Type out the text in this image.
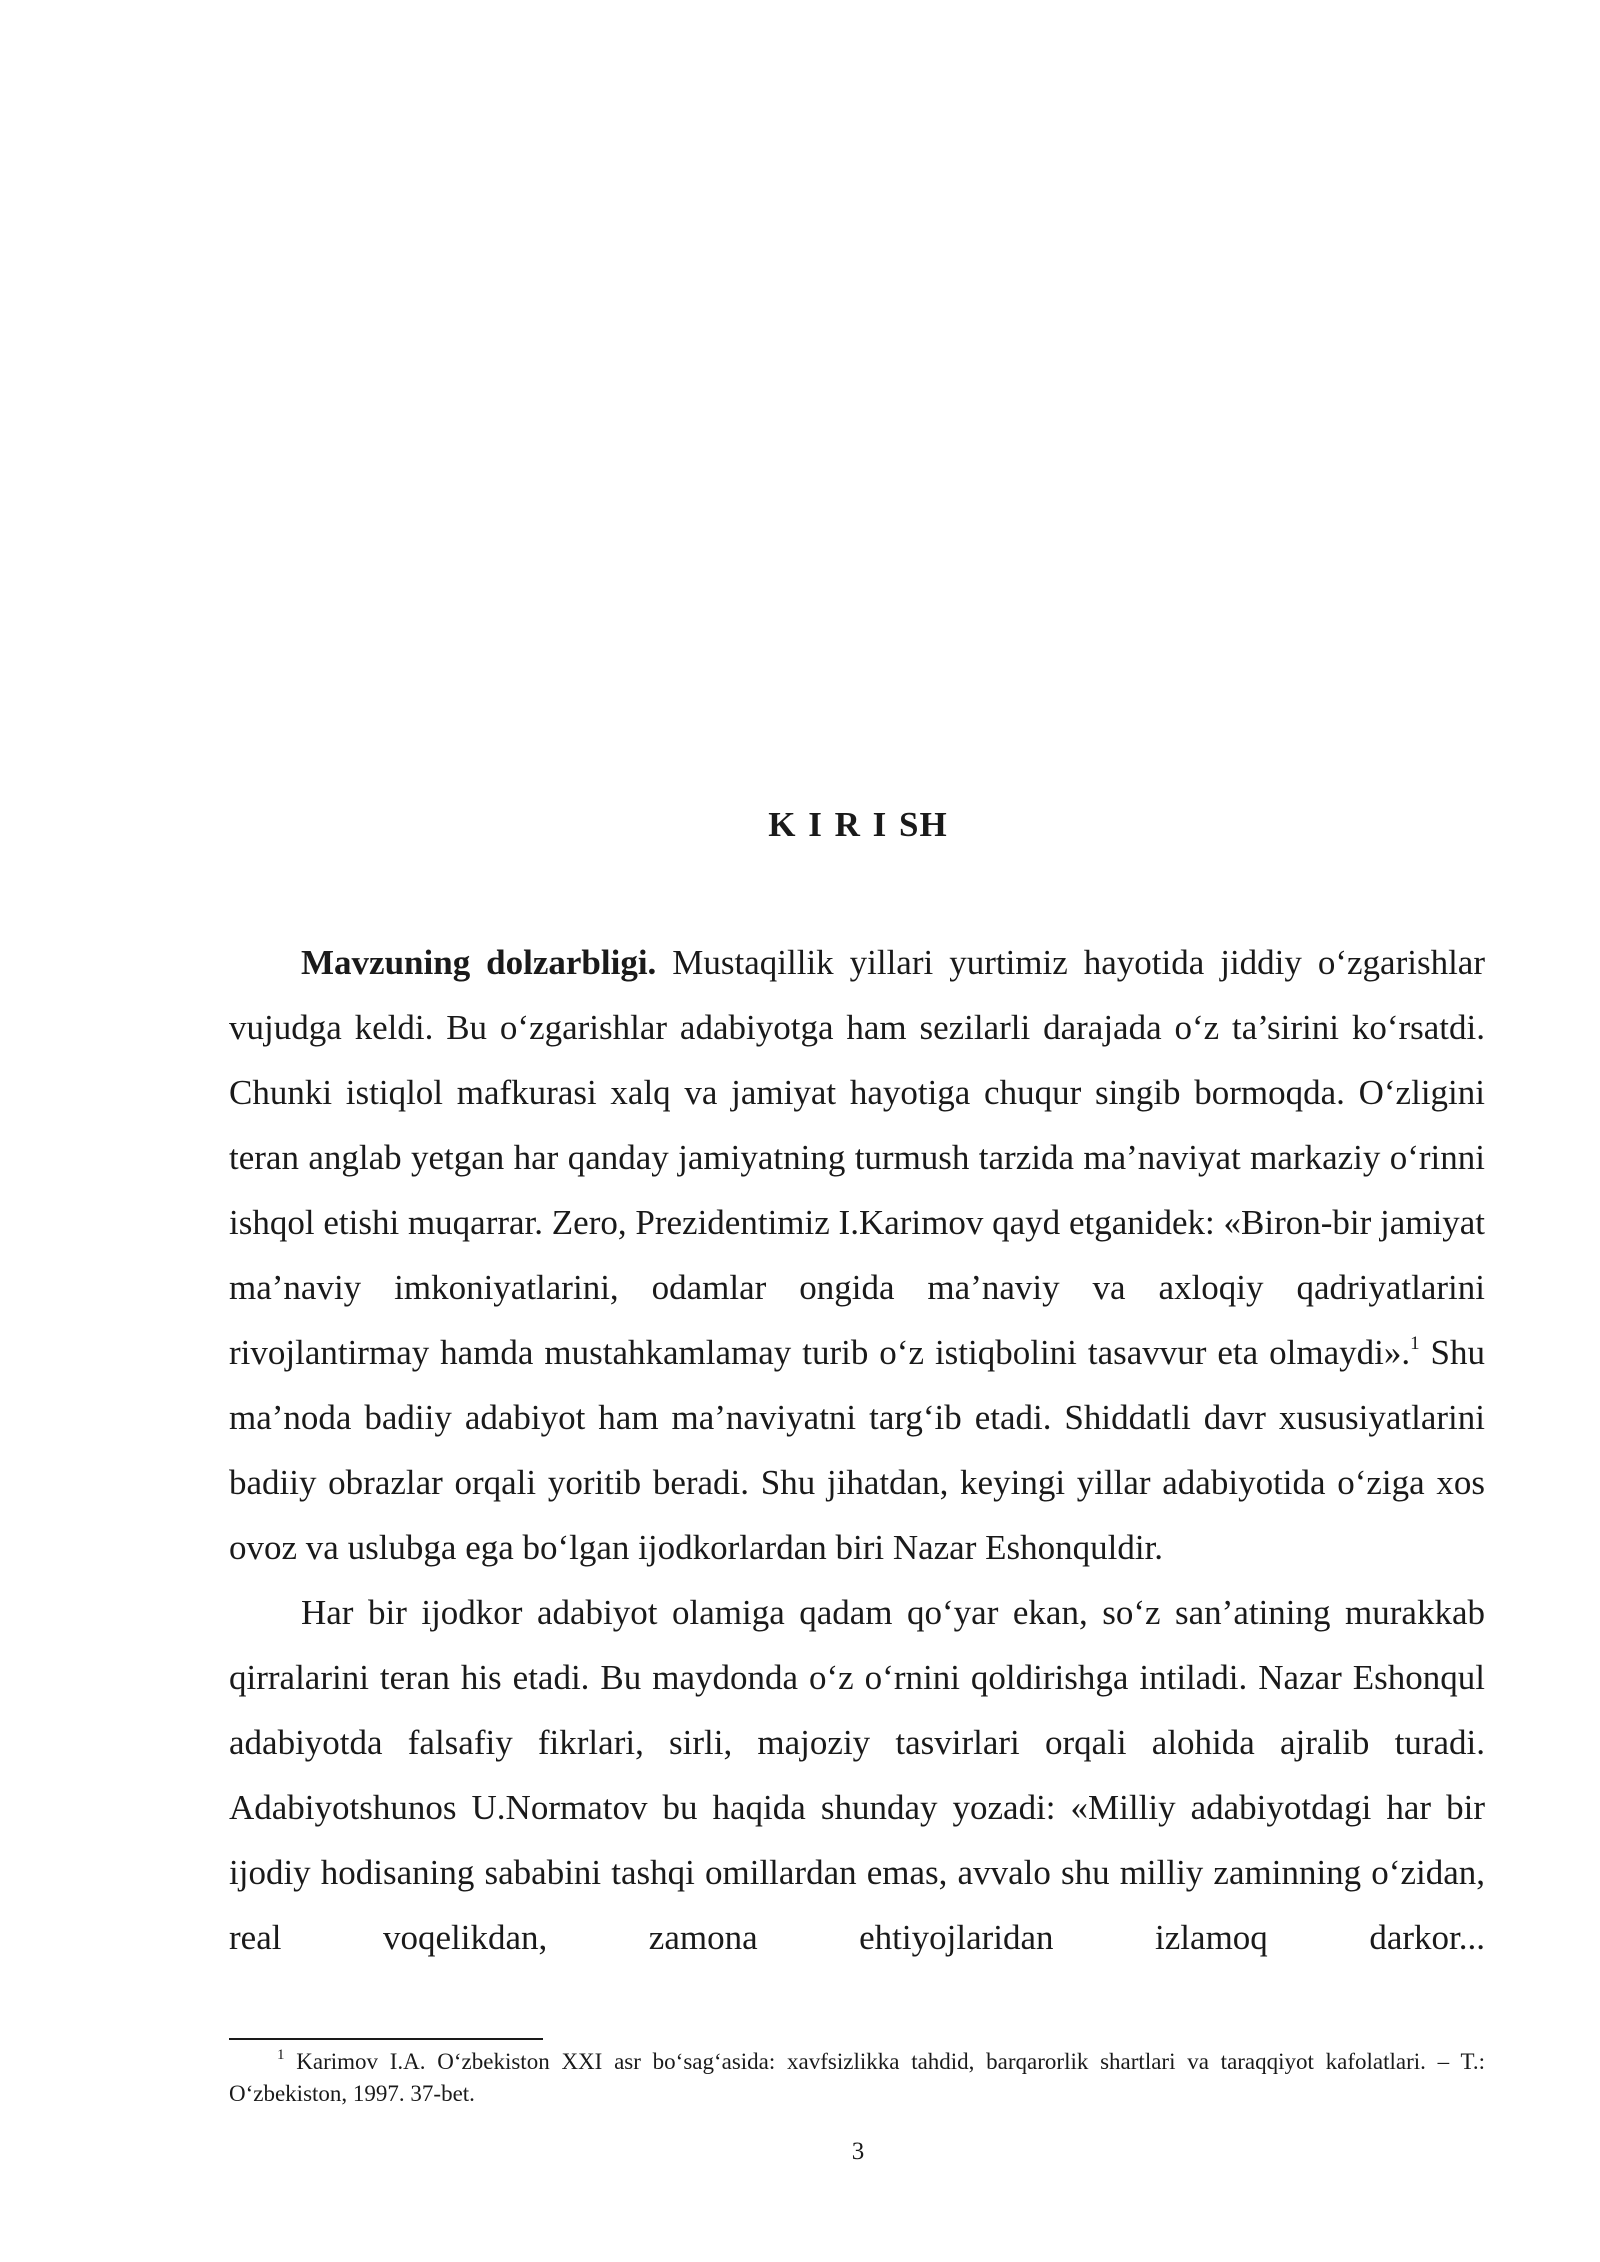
K I R I SH

Mavzuning dolzarbligi. Mustaqillik yillari yurtimiz hayotida jiddiy o‘zgarishlar vujudga keldi. Bu o‘zgarishlar adabiyotga ham sezilarli darajada o‘z ta’sirini ko‘rsatdi. Chunki istiqlol mafkurasi xalq va jamiyat hayotiga chuqur singib bormoqda. O‘zligini teran anglab yetgan har qanday jamiyatning turmush tarzida ma’naviyat markaziy o‘rinni ishqol etishi muqarrar. Zero, Prezidentimiz I.Karimov qayd etganidek: «Biron-bir jamiyat ma’naviy imkoniyatlarini, odamlar ongida ma’naviy va axloqiy qadriyatlarini rivojlantirmay hamda mustahkamlamay turib o‘z istiqbolini tasavvur eta olmaydi».$^1$ Shu ma’noda badiiy adabiyot ham ma’naviyatni targ‘ib etadi. Shiddatli davr xususiyatlarini badiiy obrazlar orqali yoritib beradi. Shu jihatdan, keyingi yillar adabiyotida o‘ziga xos ovoz va uslubga ega bo‘lgan ijodkorlardan biri Nazar Eshonquldir.

Har bir ijodkor adabiyot olamiga qadam qo‘yar ekan, so‘z san’atining murakkab qirralarini teran his etadi. Bu maydonda o‘z o‘rnini qoldirishga intiladi. Nazar Eshonqul adabiyotda falsafiy fikrlari, sirli, majoziy tasvirlari orqali alohida ajralib turadi. Adabiyotshunos U.Normatov bu haqida shunday yozadi: «Milliy adabiyotdagi har bir ijodiy hodisaning sababini tashqi omillardan emas, avvalo shu milliy zaminning o‘zidan, real voqelikdan, zamona ehtiyojlaridan izlamoq darkor...

$^1$ Karimov I.A. O‘zbekiston XXI asr bo‘sag‘asida: xavfsizlikka tahdid, barqarorlik shartlari va taraqqiyot kafolatlari. – T.: O‘zbekiston, 1997. 37-bet.

3
